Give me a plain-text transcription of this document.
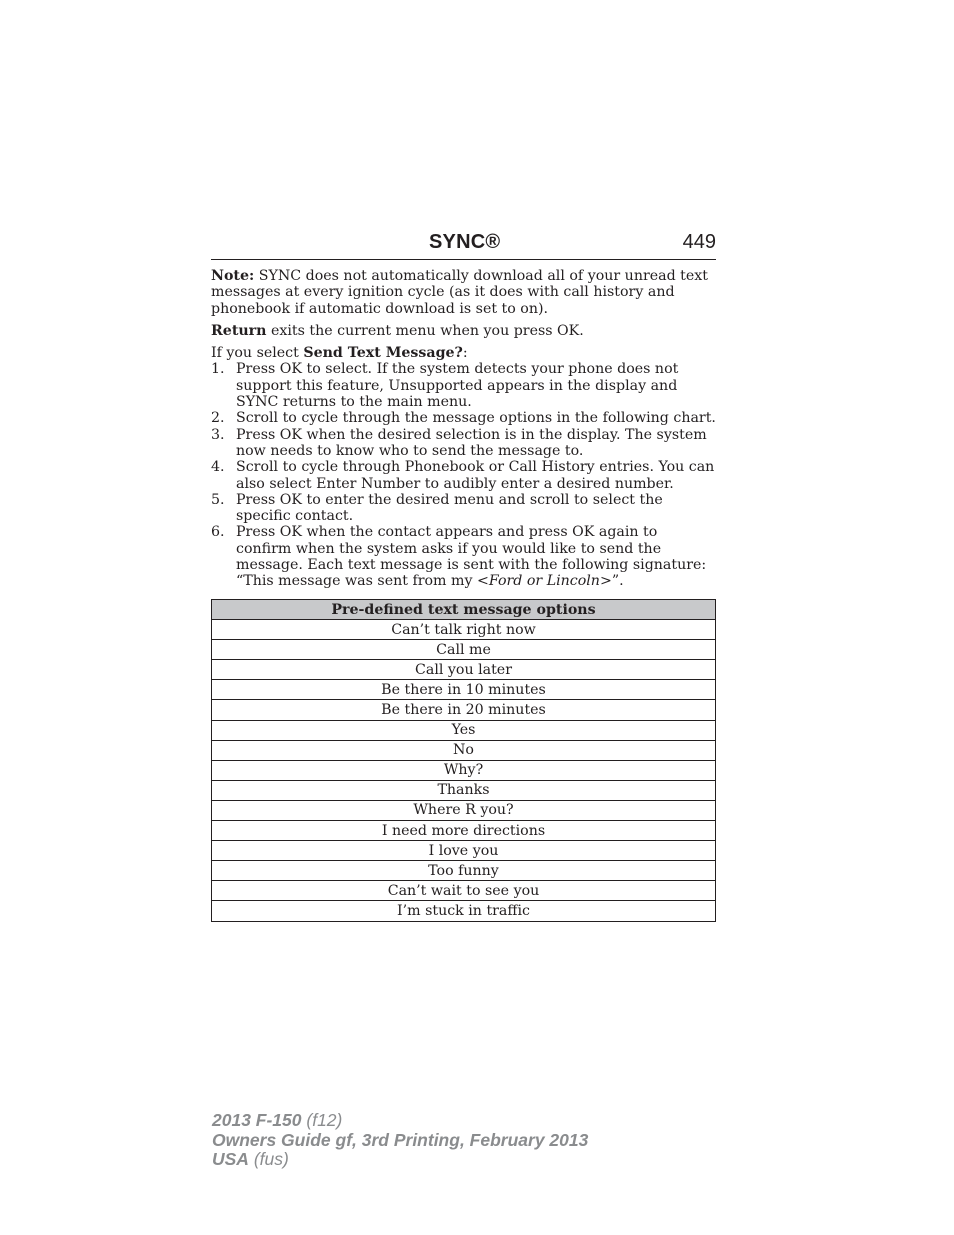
SYNC®	449

Note: SYNC does not automatically download all of your unread text messages at every ignition cycle (as it does with call history and phonebook if automatic download is set to on).

Return exits the current menu when you press OK.

If you select Send Text Message?:

1. Press OK to select. If the system detects your phone does not support this feature, Unsupported appears in the display and SYNC returns to the main menu.
2. Scroll to cycle through the message options in the following chart.
3. Press OK when the desired selection is in the display. The system now needs to know who to send the message to.
4. Scroll to cycle through Phonebook or Call History entries. You can also select Enter Number to audibly enter a desired number.
5. Press OK to enter the desired menu and scroll to select the specific contact.
6. Press OK when the contact appears and press OK again to confirm when the system asks if you would like to send the message. Each text message is sent with the following signature: “This message was sent from my <Ford or Lincoln>”.
Pre-defined text message options
Can’t talk right now
Call me
Call you later
Be there in 10 minutes
Be there in 20 minutes
Yes
No
Why?
Thanks
Where R you?
I need more directions
I love you
Too funny
Can’t wait to see you
I’m stuck in traffic
2013 F-150 (f12)
Owners Guide gf, 3rd Printing, February 2013
USA (fus)
